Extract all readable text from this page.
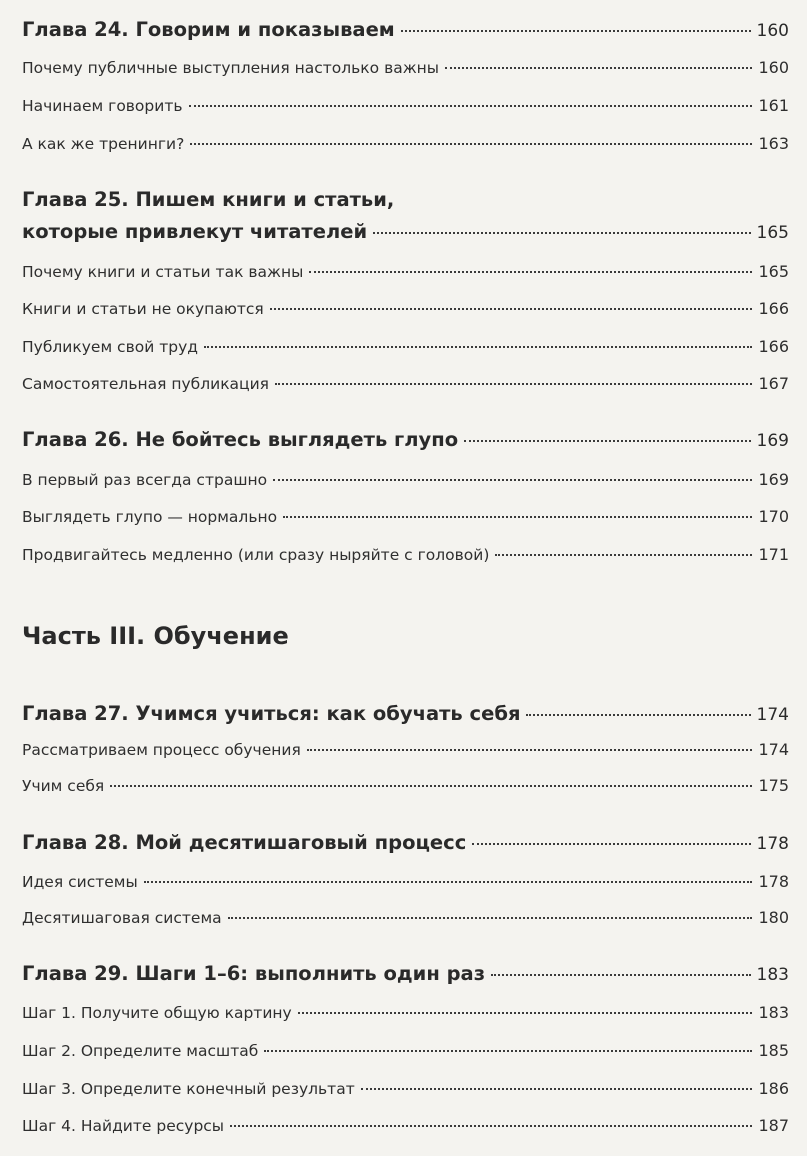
Глава 24. Говорим и показываем	160
Почему публичные выступления настолько важны	160
Начинаем говорить	161
А как же тренинги?	163
Глава 25. Пишем книги и статьи,
которые привлекут читателей	165
Почему книги и статьи так важны	165
Книги и статьи не окупаются	166
Публикуем свой труд	166
Самостоятельная публикация	167
Глава 26. Не бойтесь выглядеть глупо	169
В первый раз всегда страшно	169
Выглядеть глупо — нормально	170
Продвигайтесь медленно (или сразу ныряйте с головой)	171
Часть III. Обучение
Глава 27. Учимся учиться: как обучать себя	174
Рассматриваем процесс обучения	174
Учим себя	175
Глава 28. Мой десятишаговый процесс	178
Идея системы	178
Десятишаговая система	180
Глава 29. Шаги 1–6: выполнить один раз	183
Шаг 1. Получите общую картину	183
Шаг 2. Определите масштаб	185
Шаг 3. Определите конечный результат	186
Шаг 4. Найдите ресурсы	187
